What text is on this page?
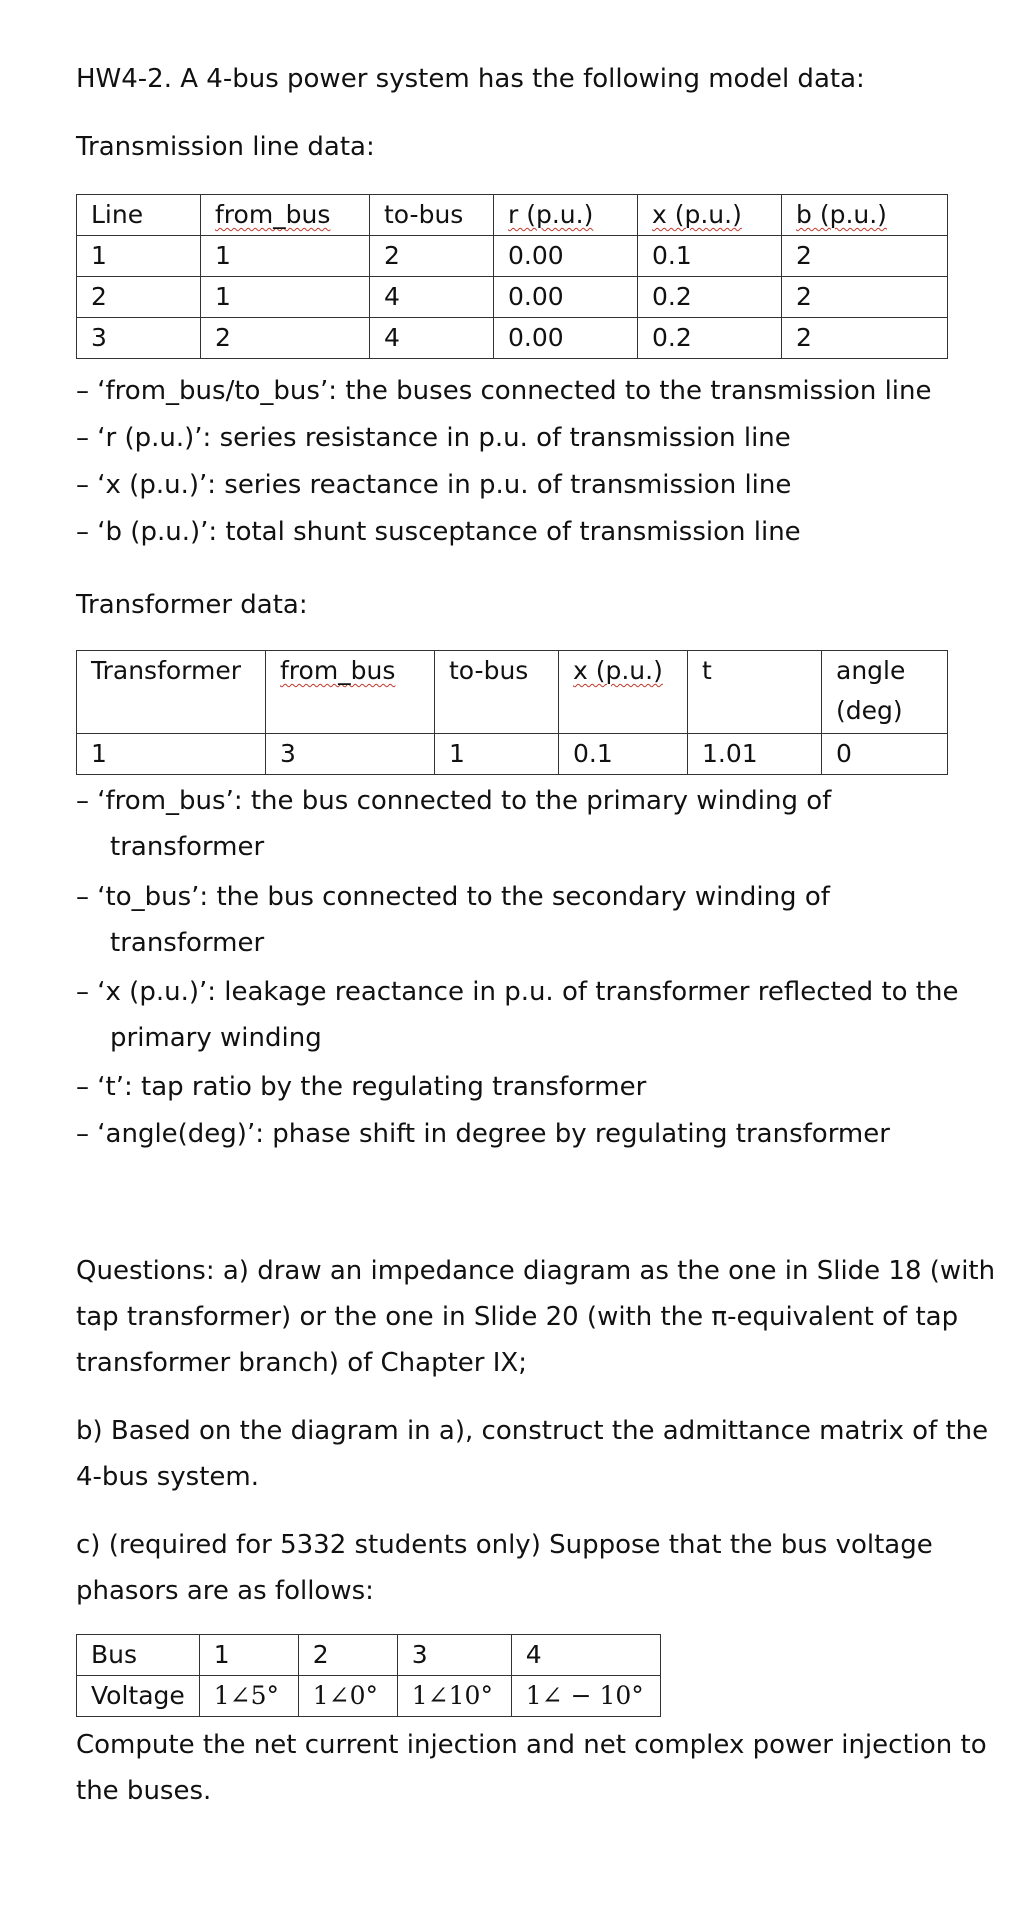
HW4-2. A 4-bus power system has the following model data:
Transmission line data:
Line	from_bus	to-bus	r (p.u.)	x (p.u.)	b (p.u.)
1	1	2	0.00	0.1	2
2	1	4	0.00	0.2	2
3	2	4	0.00	0.2	2
– ‘from_bus/to_bus’: the buses connected to the transmission line
– ‘r (p.u.)’: series resistance in p.u. of transmission line
– ‘x (p.u.)’: series reactance in p.u. of transmission line
– ‘b (p.u.)’: total shunt susceptance of transmission line
Transformer data:
Transformer	from_bus	to-bus	x (p.u.)	t	angle
(deg)

1	3	1	0.1	1.01	0
– ‘from_bus’: the bus connected to the primary winding of
transformer
– ‘to_bus’: the bus connected to the secondary winding of
transformer
– ‘x (p.u.)’: leakage reactance in p.u. of transformer reflected to the
primary winding
– ‘t’: tap ratio by the regulating transformer
– ‘angle(deg)’: phase shift in degree by regulating transformer
Questions: a) draw an impedance diagram as the one in Slide 18 (with
tap transformer) or the one in Slide 20 (with the π-equivalent of tap
transformer branch) of Chapter IX;
b) Based on the diagram in a), construct the admittance matrix of the
4-bus system.
c) (required for 5332 students only) Suppose that the bus voltage
phasors are as follows:
Bus	1	2	3	4
Voltage	1∠5°	1∠0°	1∠10°	1∠ − 10°
Compute the net current injection and net complex power injection to
the buses.
